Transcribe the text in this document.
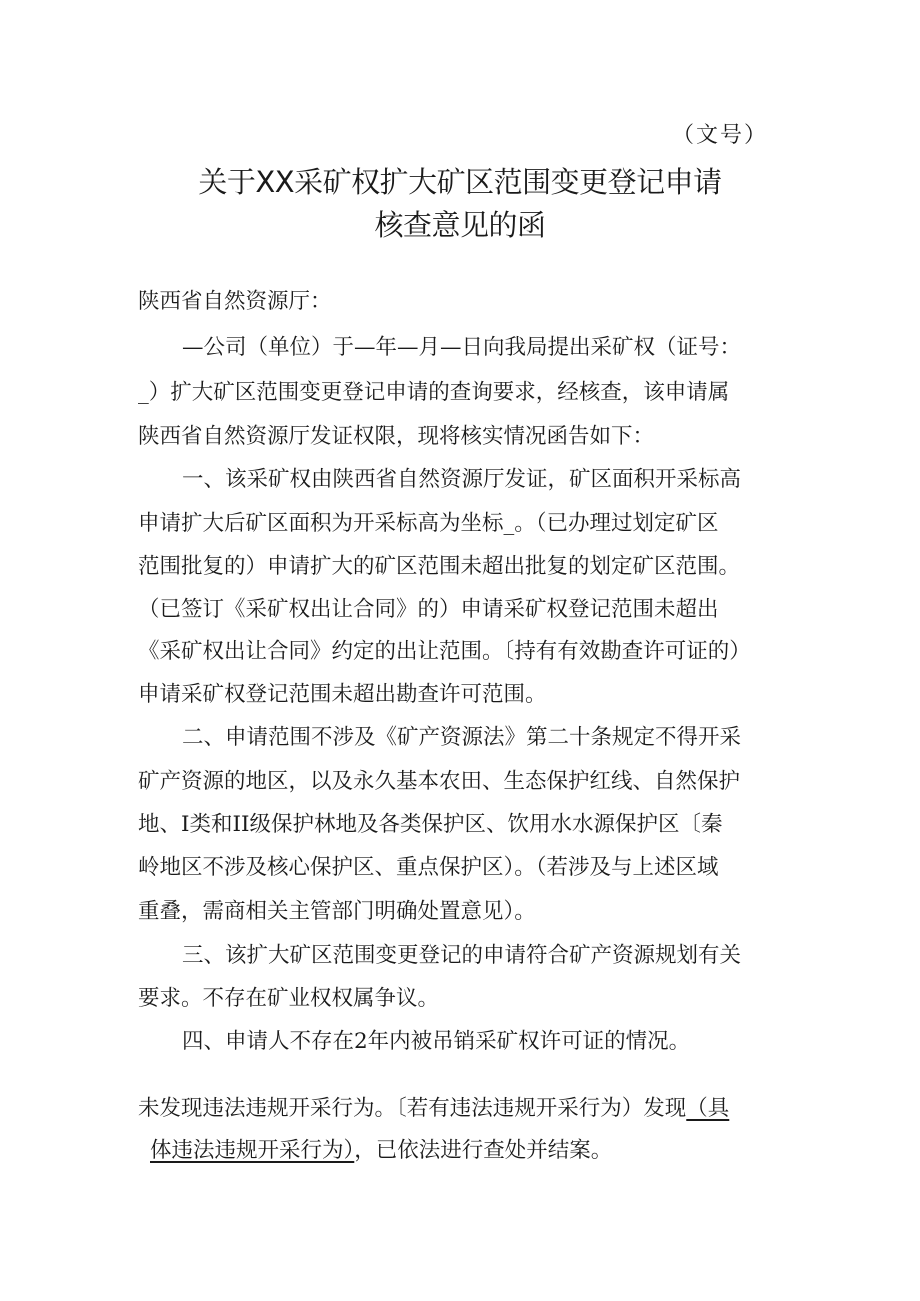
（文号）
关于XX采矿权扩大矿区范围变更登记申请
核查意见的函
陕西省自然资源厅：
—公司（单位）于—年—月—日向我局提出采矿权（证号：
_）扩大矿区范围变更登记申请的查询要求，经核查，该申请属
陕西省自然资源厅发证权限，现将核实情况函告如下：
一、该采矿权由陕西省自然资源厅发证，矿区面积开采标高
申请扩大后矿区面积为开采标高为坐标_。（已办理过划定矿区
范围批复的）申请扩大的矿区范围未超出批复的划定矿区范围。
（已签订《采矿权出让合同》的）申请采矿权登记范围未超出
《采矿权出让合同》约定的出让范围。〔持有有效勘查许可证的）
申请采矿权登记范围未超出勘查许可范围。
二、申请范围不涉及《矿产资源法》第二十条规定不得开采
矿产资源的地区，以及永久基本农田、生态保护红线、自然保护
地、I类和II级保护林地及各类保护区、饮用水水源保护区〔秦
岭地区不涉及核心保护区、重点保护区）。（若涉及与上述区域
重叠，需商相关主管部门明确处置意见）。
三、该扩大矿区范围变更登记的申请符合矿产资源规划有关
要求。不存在矿业权权属争议。
四、申请人不存在2年内被吊销采矿权许可证的情况。
未发现违法违规开采行为。〔若有违法违规开采行为）发现（具
体违法违规开采行为），已依法进行查处并结案。
